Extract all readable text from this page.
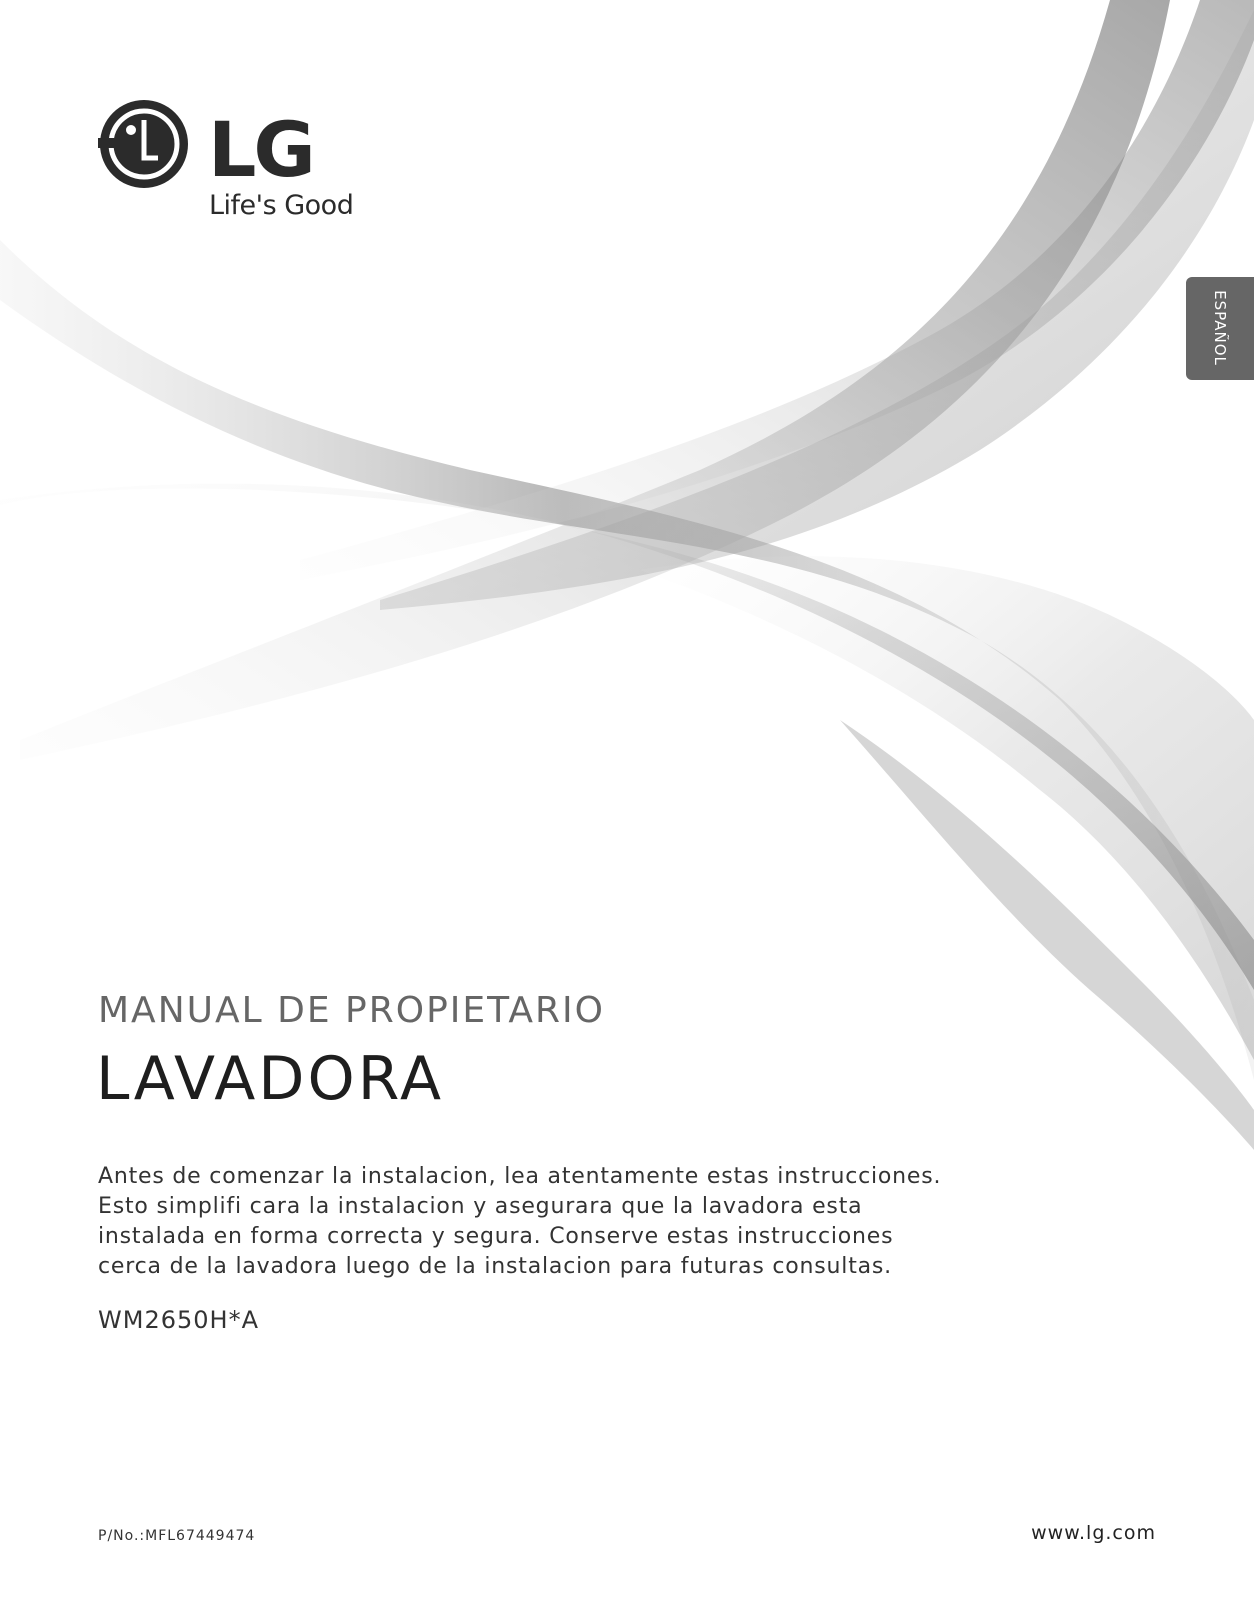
LG
Life's Good
ESPAÑOL
MANUAL DE PROPIETARIO
LAVADORA
Antes de comenzar la instalacion, lea atentamente estas instrucciones.
Esto simplifi cara la instalacion y asegurara que la lavadora esta
instalada en forma correcta y segura. Conserve estas instrucciones
cerca de la lavadora luego de la instalacion para futuras consultas.
WM2650H*A
P/No.:MFL67449474	www.lg.com
